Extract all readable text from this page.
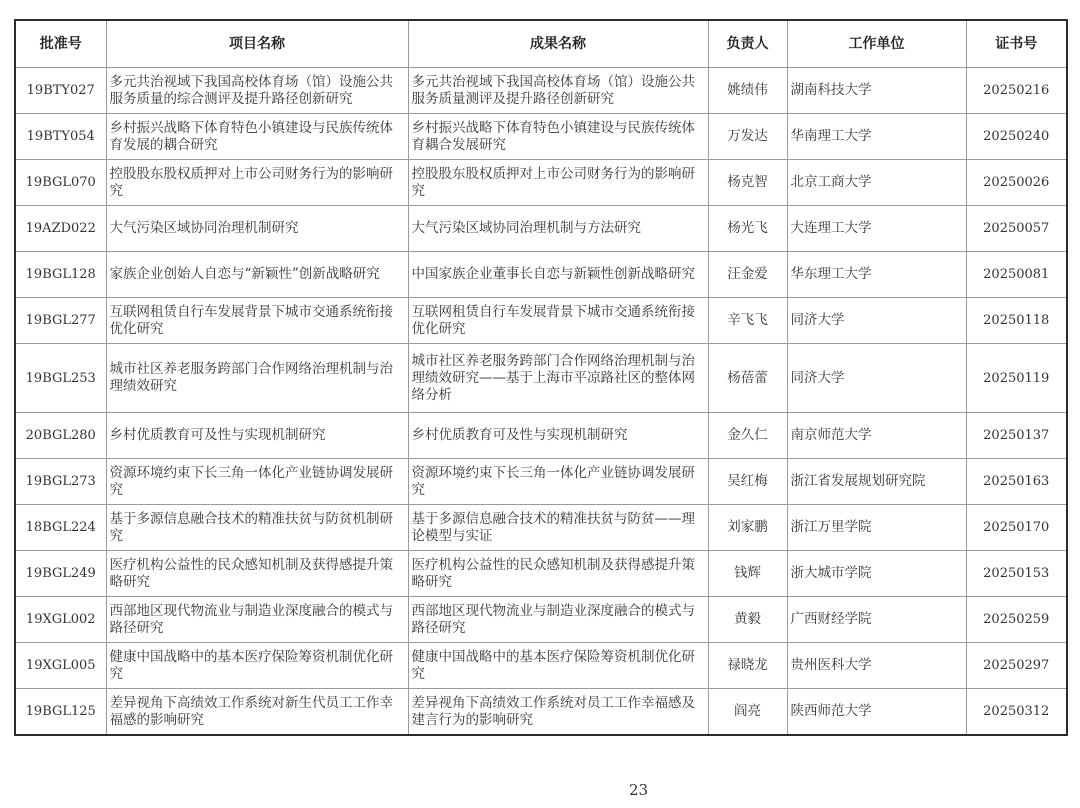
批准号	项目名称	成果名称	负责人	工作单位	证书号
19BTY027	多元共治视域下我国高校体育场（馆）设施公共服务质量的综合测评及提升路径创新研究	多元共治视域下我国高校体育场（馆）设施公共服务质量测评及提升路径创新研究	姚绩伟	湖南科技大学	20250216
19BTY054	乡村振兴战略下体育特色小镇建设与民族传统体育发展的耦合研究	乡村振兴战略下体育特色小镇建设与民族传统体育耦合发展研究	万发达	华南理工大学	20250240
19BGL070	控股股东股权质押对上市公司财务行为的影响研究	控股股东股权质押对上市公司财务行为的影响研究	杨克智	北京工商大学	20250026
19AZD022	大气污染区域协同治理机制研究	大气污染区域协同治理机制与方法研究	杨光飞	大连理工大学	20250057
19BGL128	家族企业创始人自恋与“新颖性”创新战略研究	中国家族企业董事长自恋与新颖性创新战略研究	汪金爱	华东理工大学	20250081
19BGL277	互联网租赁自行车发展背景下城市交通系统衔接优化研究	互联网租赁自行车发展背景下城市交通系统衔接优化研究	辛飞飞	同济大学	20250118
19BGL253	城市社区养老服务跨部门合作网络治理机制与治理绩效研究	城市社区养老服务跨部门合作网络治理机制与治理绩效研究——基于上海市平凉路社区的整体网络分析	杨蓓蕾	同济大学	20250119
20BGL280	乡村优质教育可及性与实现机制研究	乡村优质教育可及性与实现机制研究	金久仁	南京师范大学	20250137
19BGL273	资源环境约束下长三角一体化产业链协调发展研究	资源环境约束下长三角一体化产业链协调发展研究	吴红梅	浙江省发展规划研究院	20250163
18BGL224	基于多源信息融合技术的精准扶贫与防贫机制研究	基于多源信息融合技术的精准扶贫与防贫——理论模型与实证	刘家鹏	浙江万里学院	20250170
19BGL249	医疗机构公益性的民众感知机制及获得感提升策略研究	医疗机构公益性的民众感知机制及获得感提升策略研究	钱辉	浙大城市学院	20250153
19XGL002	西部地区现代物流业与制造业深度融合的模式与路径研究	西部地区现代物流业与制造业深度融合的模式与路径研究	黄毅	广西财经学院	20250259
19XGL005	健康中国战略中的基本医疗保险筹资机制优化研究	健康中国战略中的基本医疗保险筹资机制优化研究	禄晓龙	贵州医科大学	20250297
19BGL125	差异视角下高绩效工作系统对新生代员工工作幸福感的影响研究	差异视角下高绩效工作系统对员工工作幸福感及建言行为的影响研究	阎亮	陕西师范大学	20250312
23
